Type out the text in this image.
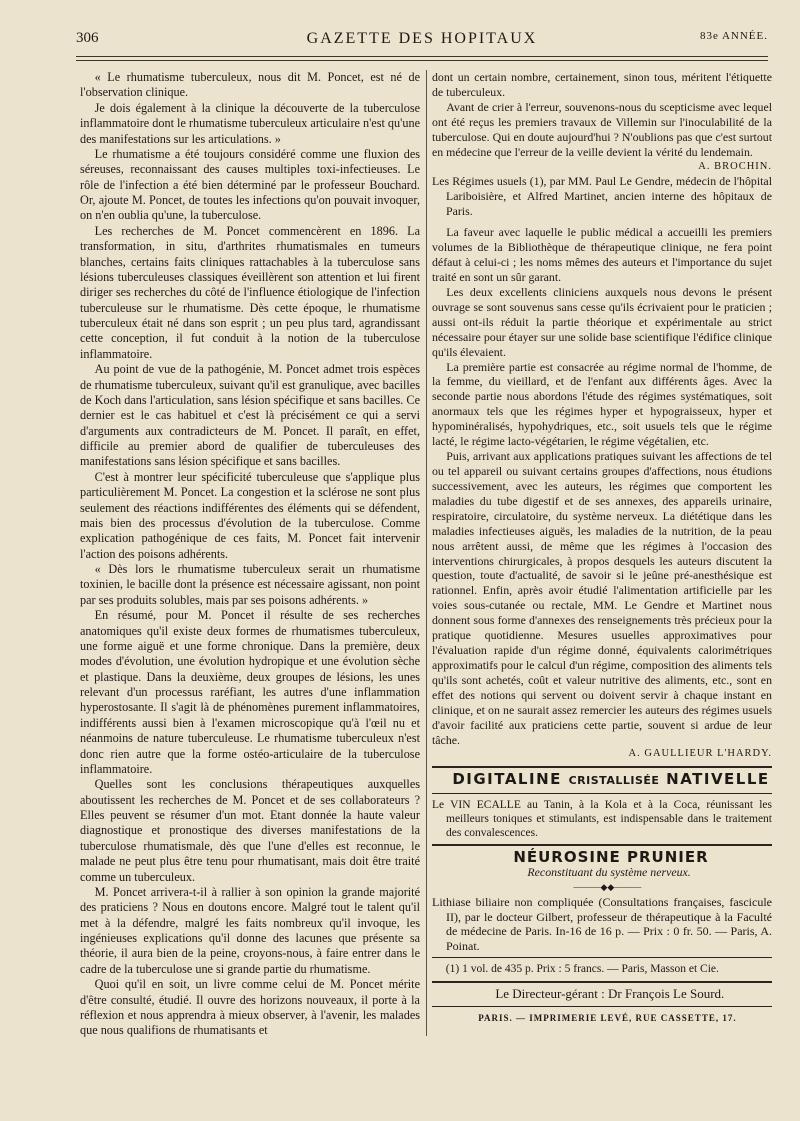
306	GAZETTE DES HOPITAUX	83e ANNÉE.

« Le rhumatisme tuberculeux, nous dit M. Poncet, est né de l'observation clinique.

Je dois également à la clinique la découverte de la tuberculose inflammatoire dont le rhumatisme tuberculeux articulaire n'est qu'une des manifestations sur les articulations. »

Le rhumatisme a été toujours considéré comme une fluxion des séreuses, reconnaissant des causes multiples toxi-infectieuses. Le rôle de l'infection a été bien déterminé par le professeur Bouchard. Or, ajoute M. Poncet, de toutes les infections qu'on pouvait invoquer, on n'en oublia qu'une, la tuberculose.

Les recherches de M. Poncet commencèrent en 1896. La transformation, in situ, d'arthrites rhumatismales en tumeurs blanches, certains faits cliniques rattachables à la tuberculose sans lésions tuberculeuses classiques éveillèrent son attention et lui firent diriger ses recherches du côté de l'influence étiologique de l'infection tuberculeuse sur le rhumatisme. Dès cette époque, le rhumatisme tuberculeux était né dans son esprit ; un peu plus tard, agrandissant cette conception, il fut conduit à la notion de la tuberculose inflammatoire.

Au point de vue de la pathogénie, M. Poncet admet trois espèces de rhumatisme tuberculeux, suivant qu'il est granulique, avec bacilles de Koch dans l'articulation, sans lésion spécifique et sans bacilles. Ce dernier est le cas habituel et c'est là précisément ce qui a servi d'arguments aux contradicteurs de M. Poncet. Il paraît, en effet, difficile au premier abord de qualifier de tuberculeuses des manifestations sans lésion spécifique et sans bacilles.

C'est à montrer leur spécificité tuberculeuse que s'applique plus particulièrement M. Poncet. La congestion et la sclérose ne sont plus seulement des réactions indifférentes des éléments qui se défendent, mais bien des processus d'évolution de la tuberculose. Comme explication pathogénique de ces faits, M. Poncet fait intervenir l'action des poisons adhérents.

« Dès lors le rhumatisme tuberculeux serait un rhumatisme toxinien, le bacille dont la présence est nécessaire agissant, non point par ses produits solubles, mais par ses poisons adhérents. »

En résumé, pour M. Poncet il résulte de ses recherches anatomiques qu'il existe deux formes de rhumatismes tuberculeux, une forme aiguë et une forme chronique. Dans la première, deux modes d'évolution, une évolution hydropique et une évolution sèche et plastique. Dans la deuxième, deux groupes de lésions, les unes relevant d'un processus raréfiant, les autres d'une inflammation hyperostosante. Il s'agit là de phénomènes purement inflammatoires, indifférents aussi bien à l'examen microscopique qu'à l'œil nu et néanmoins de nature tuberculeuse. Le rhumatisme tuberculeux n'est donc rien autre que la forme ostéo-articulaire de la tuberculose inflammatoire.

Quelles sont les conclusions thérapeutiques auxquelles aboutissent les recherches de M. Poncet et de ses collaborateurs ? Elles peuvent se résumer d'un mot. Etant donnée la haute valeur diagnostique et pronostique des diverses manifestations de la tuberculose rhumatismale, dès que l'une d'elles est reconnue, le malade ne peut plus être tenu pour rhumatisant, mais doit être traité comme un tuberculeux.

M. Poncet arrivera-t-il à rallier à son opinion la grande majorité des praticiens ? Nous en doutons encore. Malgré tout le talent qu'il met à la défendre, malgré les faits nombreux qu'il invoque, les ingénieuses explications qu'il donne des lacunes que présente sa théorie, il aura bien de la peine, croyons-nous, à faire entrer dans le cadre de la tuberculose une si grande partie du rhumatisme.

Quoi qu'il en soit, un livre comme celui de M. Poncet mérite d'être consulté, étudié. Il ouvre des horizons nouveaux, il porte à la réflexion et nous apprendra à mieux observer, à l'avenir, les malades que nous qualifions de rhumatisants et

dont un certain nombre, certainement, sinon tous, méritent l'étiquette de tuberculeux.

Avant de crier à l'erreur, souvenons-nous du scepticisme avec lequel ont été reçus les premiers travaux de Villemin sur l'inoculabilité de la tuberculose. Qui en doute aujourd'hui ? N'oublions pas que c'est surtout en médecine que l'erreur de la veille devient la vérité du lendemain.

A. BROCHIN.

Les Régimes usuels (1), par MM. Paul Le Gendre, médecin de l'hôpital Lariboisière, et Alfred Martinet, ancien interne des hôpitaux de Paris.

La faveur avec laquelle le public médical a accueilli les premiers volumes de la Bibliothèque de thérapeutique clinique, ne fera point défaut à celui-ci ; les noms mêmes des auteurs et l'importance du sujet traité en sont un sûr garant.

Les deux excellents cliniciens auxquels nous devons le présent ouvrage se sont souvenus sans cesse qu'ils écrivaient pour le praticien ; aussi ont-ils réduit la partie théorique et expérimentale au strict nécessaire pour étayer sur une solide base scientifique l'édifice clinique qu'ils élevaient.

La première partie est consacrée au régime normal de l'homme, de la femme, du vieillard, et de l'enfant aux différents âges. Avec la seconde partie nous abordons l'étude des régimes systématiques, soit anormaux tels que les régimes hyper et hypograisseux, hyper et hypominéralisés, hypohydriques, etc., soit usuels tels que le régime lacté, le régime lacto-végétarien, le régime végétalien, etc.

Puis, arrivant aux applications pratiques suivant les affections de tel ou tel appareil ou suivant certains groupes d'affections, nous étudions successivement, avec les auteurs, les régimes que comportent les maladies du tube digestif et de ses annexes, des appareils urinaire, respiratoire, circulatoire, du système nerveux. La diététique dans les maladies infectieuses aiguës, les maladies de la nutrition, de la peau nous arrêtent aussi, de même que les régimes à l'occasion des interventions chirurgicales, à propos desquels les auteurs discutent la question, toute d'actualité, de savoir si le jeûne pré-anesthésique est rationnel. Enfin, après avoir étudié l'alimentation artificielle par les voies sous-cutanée ou rectale, MM. Le Gendre et Martinet nous donnent sous forme d'annexes des renseignements très précieux pour la pratique quotidienne. Mesures usuelles approximatives pour l'évaluation rapide d'un régime donné, équivalents calorimétriques approximatifs pour le calcul d'un régime, composition des aliments tels qu'ils sont achetés, coût et valeur nutritive des aliments, etc., sont en effet des notions qui servent ou doivent servir à chaque instant en clinique, et on ne saurait assez remercier les auteurs des régimes usuels d'avoir facilité aux praticiens cette partie, souvent si ardue de leur tâche.

A. GAULLIEUR L'HARDY.

DIGITALINE CRISTALLISÉE NATIVELLE

Le VIN ECALLE au Tanin, à la Kola et à la Coca, réunissant les meilleurs toniques et stimulants, est indispensable dans le traitement des convalescences.

NÉUROSINE PRUNIER

Reconstituant du système nerveux.

———◆◆———

Lithiase biliaire non compliquée (Consultations françaises, fascicule II), par le docteur Gilbert, professeur de thérapeutique à la Faculté de médecine de Paris. In-16 de 16 p. — Prix : 0 fr. 50. — Paris, A. Poinat.

(1) 1 vol. de 435 p. Prix : 5 francs. — Paris, Masson et Cie.

Le Directeur-gérant : Dr François Le Sourd.

PARIS. — IMPRIMERIE LEVÉ, RUE CASSETTE, 17.
